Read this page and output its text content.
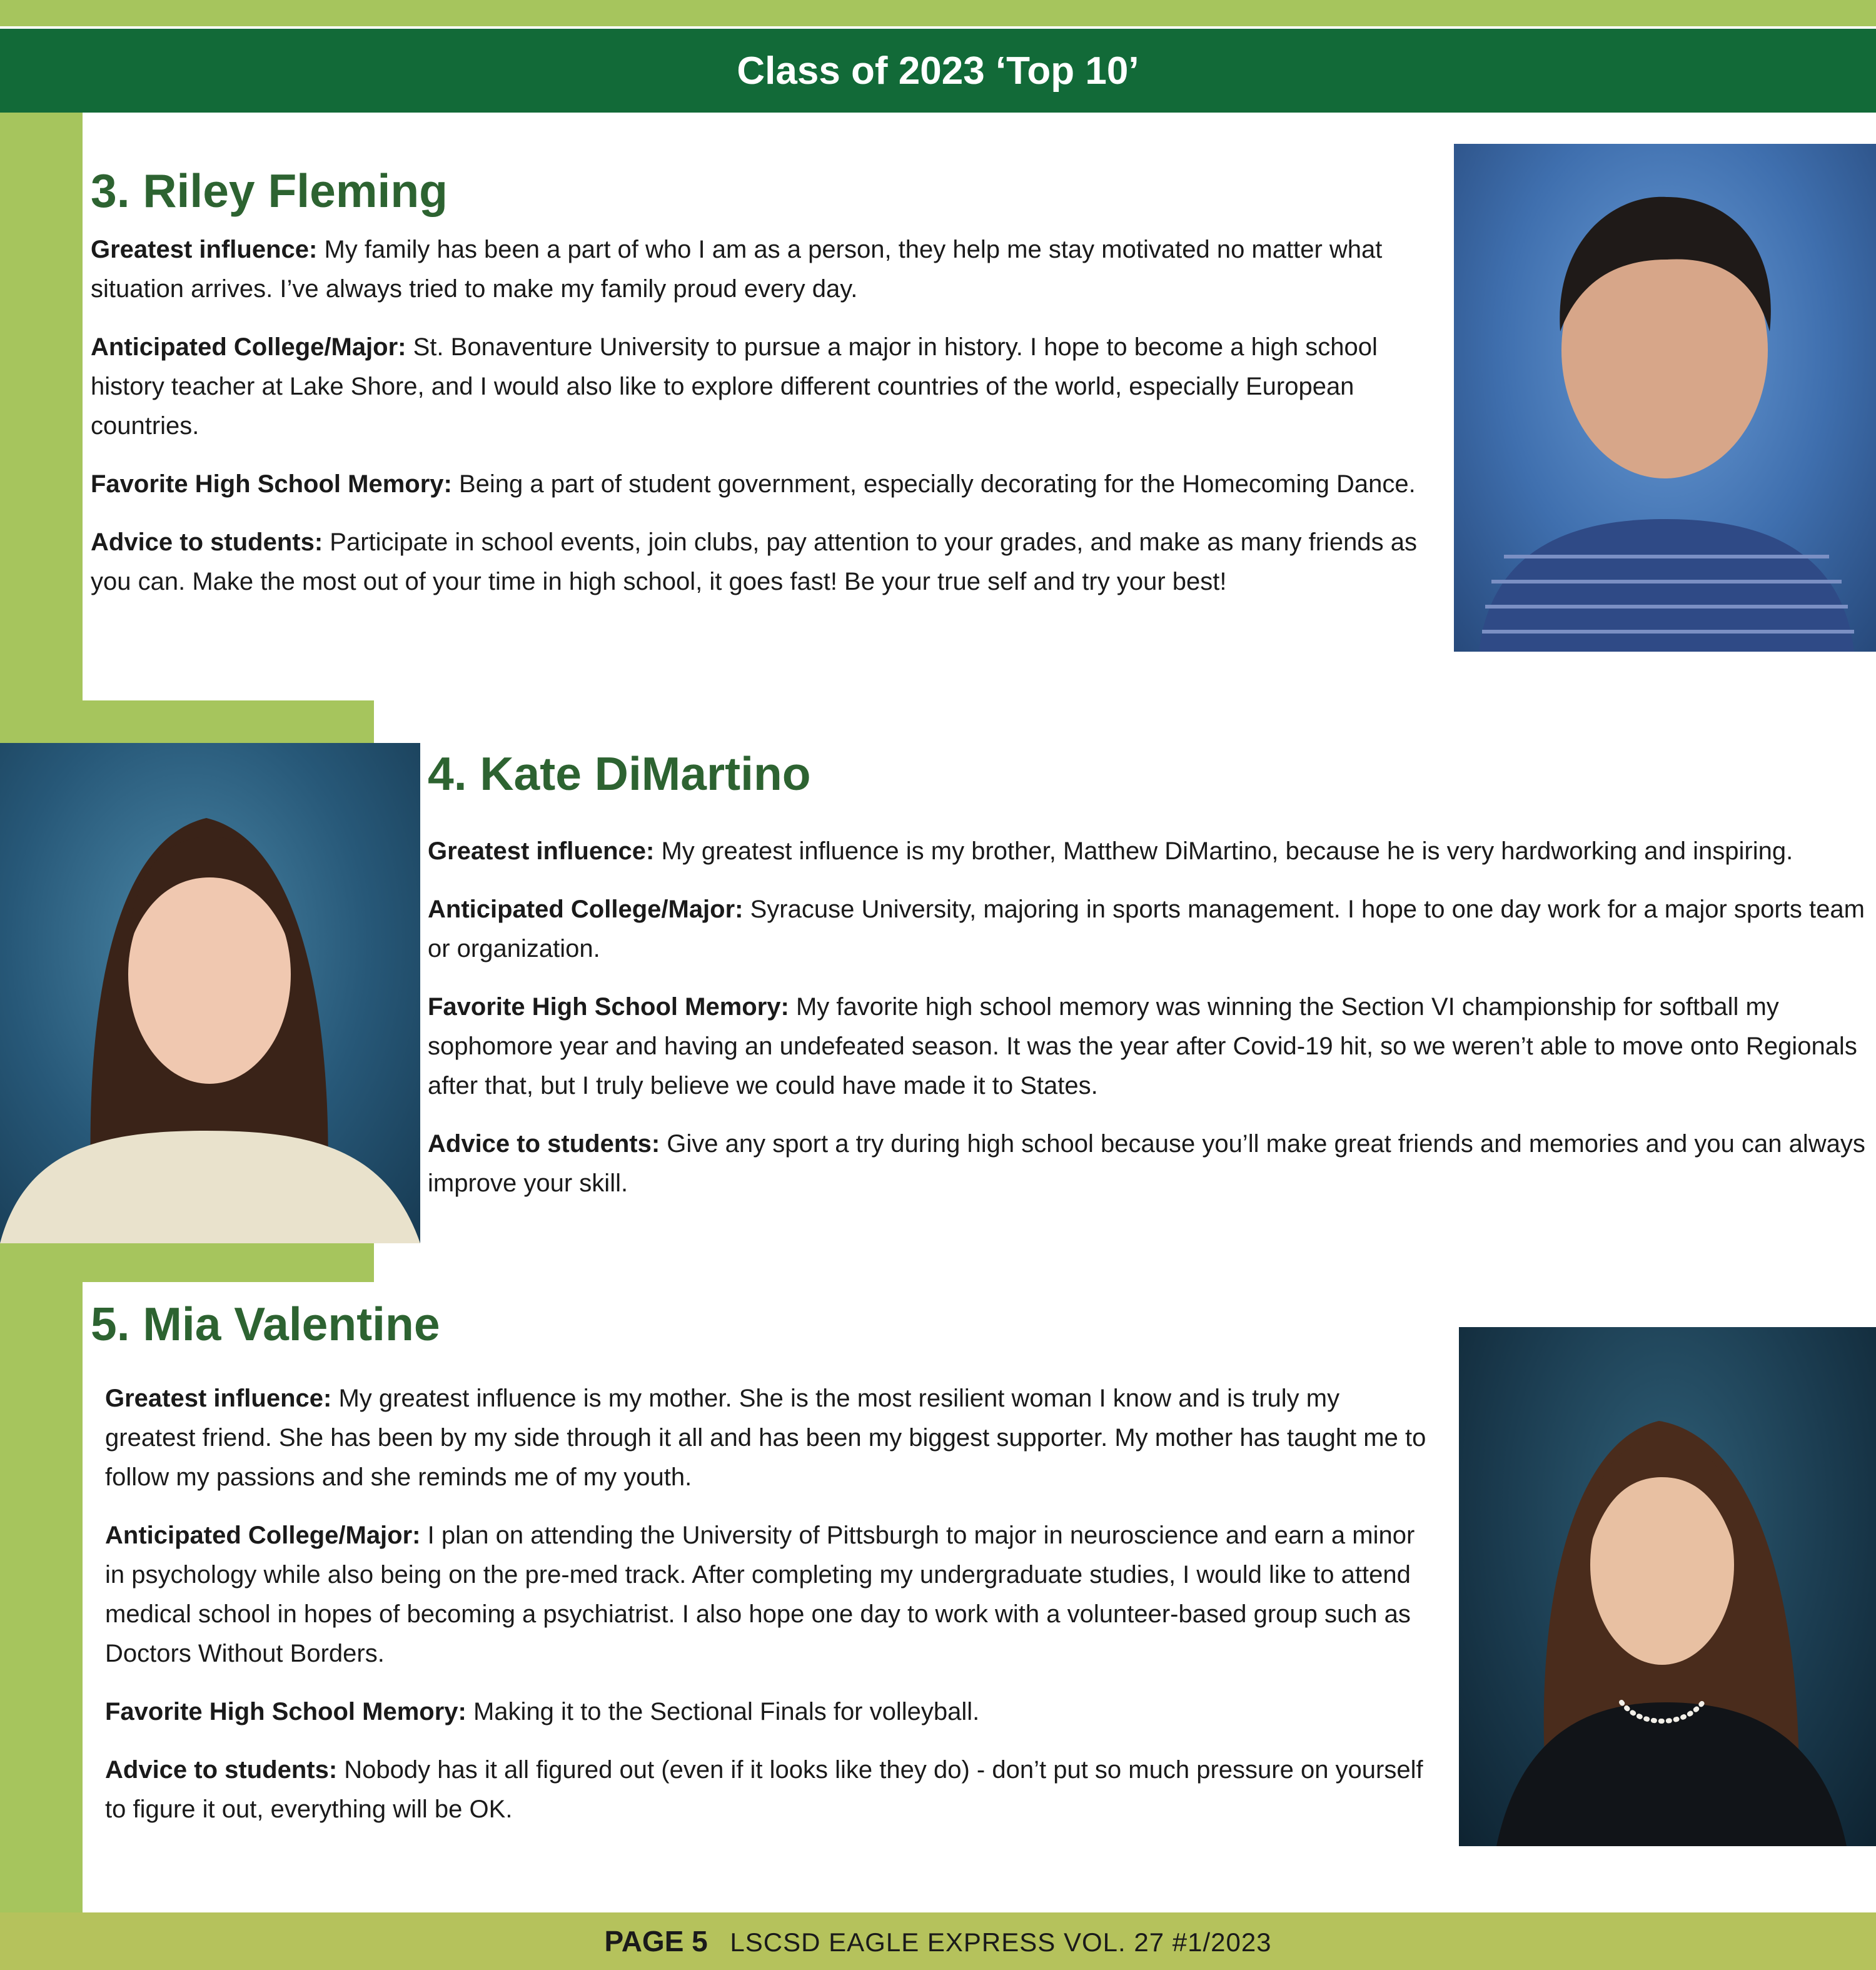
Class of 2023 ‘Top 10’
3. Riley Fleming

Greatest influence: My family has been a part of who I am as a person, they help me stay motivated no matter what situation arrives. I’ve always tried to make my family proud every day.

Anticipated College/Major: St. Bonaventure University to pursue a major in history. I hope to become a high school history teacher at Lake Shore, and I would also like to explore different countries of the world, especially European countries.

Favorite High School Memory: Being a part of student government, especially decorating for the Homecoming Dance.

Advice to students: Participate in school events, join clubs, pay attention to your grades, and make as many friends as you can. Make the most out of your time in high school, it goes fast! Be your true self and try your best!

4. Kate DiMartino

Greatest influence: My greatest influence is my brother, Matthew DiMartino, because he is very hardworking and inspiring.

Anticipated College/Major: Syracuse University, majoring in sports management. I hope to one day work for a major sports team or organization.

Favorite High School Memory: My favorite high school memory was winning the Section VI championship for softball my sophomore year and having an undefeated season. It was the year after Covid-19 hit, so we weren’t able to move onto Regionals after that, but I truly believe we could have made it to States.

Advice to students: Give any sport a try during high school because you’ll make great friends and memories and you can always improve your skill.

5. Mia Valentine

Greatest influence: My greatest influence is my mother. She is the most resilient woman I know and is truly my greatest friend. She has been by my side through it all and has been my biggest supporter. My mother has taught me to follow my passions and she reminds me of my youth.

Anticipated College/Major: I plan on attending the University of Pittsburgh to major in neuroscience and earn a minor in psychology while also being on the pre-med track. After completing my undergraduate studies, I would like to attend medical school in hopes of becoming a psychiatrist. I also hope one day to work with a volunteer-based group such as Doctors Without Borders.

Favorite High School Memory: Making it to the Sectional Finals for volleyball.

Advice to students: Nobody has it all figured out (even if it looks like they do) - don’t put so much pressure on yourself to figure it out, everything will be OK.

PAGE 5 LSCSD EAGLE EXPRESS VOL. 27 #1/2023
